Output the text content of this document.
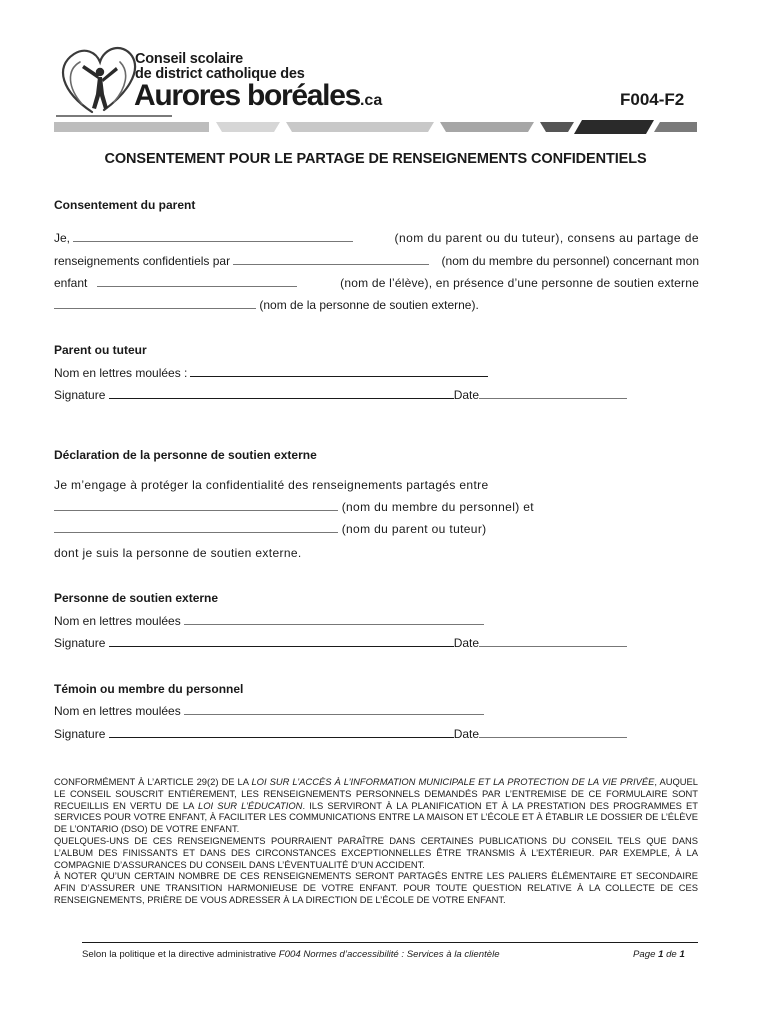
Conseil scolaire
de district catholique des
Aurores boréales.ca	F004-F2
CONSENTEMENT POUR LE PARTAGE DE RENSEIGNEMENTS CONFIDENTIELS
Consentement du parent
Je,	(nom du parent ou du tuteur), consens au partage de
renseignements confidentiels par	(nom du membre du personnel) concernant mon
enfant	(nom de l’élève), en présence d’une personne de soutien externe
(nom de la personne de soutien externe).
Parent ou tuteur
Nom en lettres moulées :
Signature	Date
Déclaration de la personne de soutien externe
Je m’engage à protéger la confidentialité des renseignements partagés entre
(nom du membre du personnel) et
(nom du parent ou tuteur)
dont je suis la personne de soutien externe.
Personne de soutien externe
Nom en lettres moulées
Signature	Date
Témoin ou membre du personnel
Nom en lettres moulées
Signature	Date

CONFORMÉMENT À L’ARTICLE 29(2) DE LA LOI SUR L’ACCÈS À L’INFORMATION MUNICIPALE ET LA PROTECTION DE LA VIE PRIVÉE, AUQUEL LE CONSEIL SOUSCRIT ENTIÈREMENT, LES RENSEIGNEMENTS PERSONNELS DEMANDÉS PAR L’ENTREMISE DE CE FORMULAIRE SONT RECUEILLIS EN VERTU DE LA LOI SUR L’ÉDUCATION. ILS SERVIRONT À LA PLANIFICATION ET À LA PRESTATION DES PROGRAMMES ET SERVICES POUR VOTRE ENFANT, À FACILITER LES COMMUNICATIONS ENTRE LA MAISON ET L’ÉCOLE ET À ÉTABLIR LE DOSSIER DE L’ÉLÈVE DE L’ONTARIO (DSO) DE VOTRE ENFANT.

QUELQUES-UNS DE CES RENSEIGNEMENTS POURRAIENT PARAÎTRE DANS CERTAINES PUBLICATIONS DU CONSEIL TELS QUE DANS L’ALBUM DES FINISSANTS ET DANS DES CIRCONSTANCES EXCEPTIONNELLES ÊTRE TRANSMIS À L’EXTÉRIEUR. PAR EXEMPLE, À LA COMPAGNIE D’ASSURANCES DU CONSEIL DANS L’ÉVENTUALITÉ D’UN ACCIDENT.

À NOTER QU’UN CERTAIN NOMBRE DE CES RENSEIGNEMENTS SERONT PARTAGÉS ENTRE LES PALIERS ÉLÉMENTAIRE ET SECONDAIRE AFIN D’ASSURER UNE TRANSITION HARMONIEUSE DE VOTRE ENFANT. POUR TOUTE QUESTION RELATIVE À LA COLLECTE DE CES RENSEIGNEMENTS, PRIÈRE DE VOUS ADRESSER À LA DIRECTION DE L’ÉCOLE DE VOTRE ENFANT.

Selon la politique et la directive administrative F004 Normes d’accessibilité : Services à la clientèle	Page 1 de 1
